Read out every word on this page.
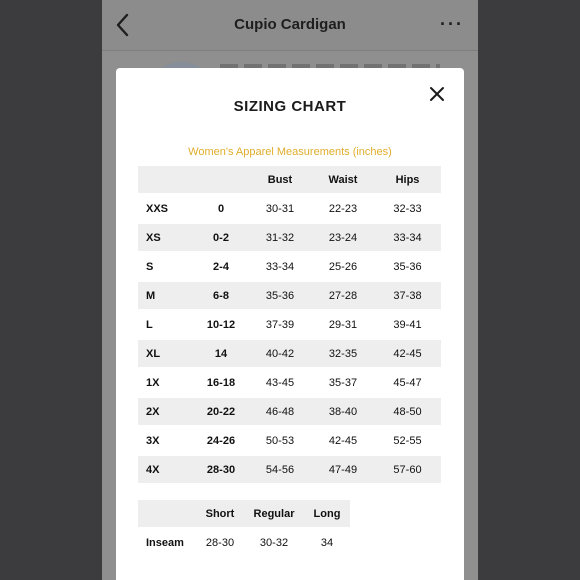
Cupio Cardigan	···
SIZING CHART
Women's Apparel Measurements (inches)
		Bust	Waist	Hips
XXS	0	30-31	22-23	32-33
XS	0-2	31-32	23-24	33-34
S	2-4	33-34	25-26	35-36
M	6-8	35-36	27-28	37-38
L	10-12	37-39	29-31	39-41
XL	14	40-42	32-35	42-45
1X	16-18	43-45	35-37	45-47
2X	20-22	46-48	38-40	48-50
3X	24-26	50-53	42-45	52-55
4X	28-30	54-56	47-49	57-60
	Short	Regular	Long
Inseam	28-30	30-32	34
